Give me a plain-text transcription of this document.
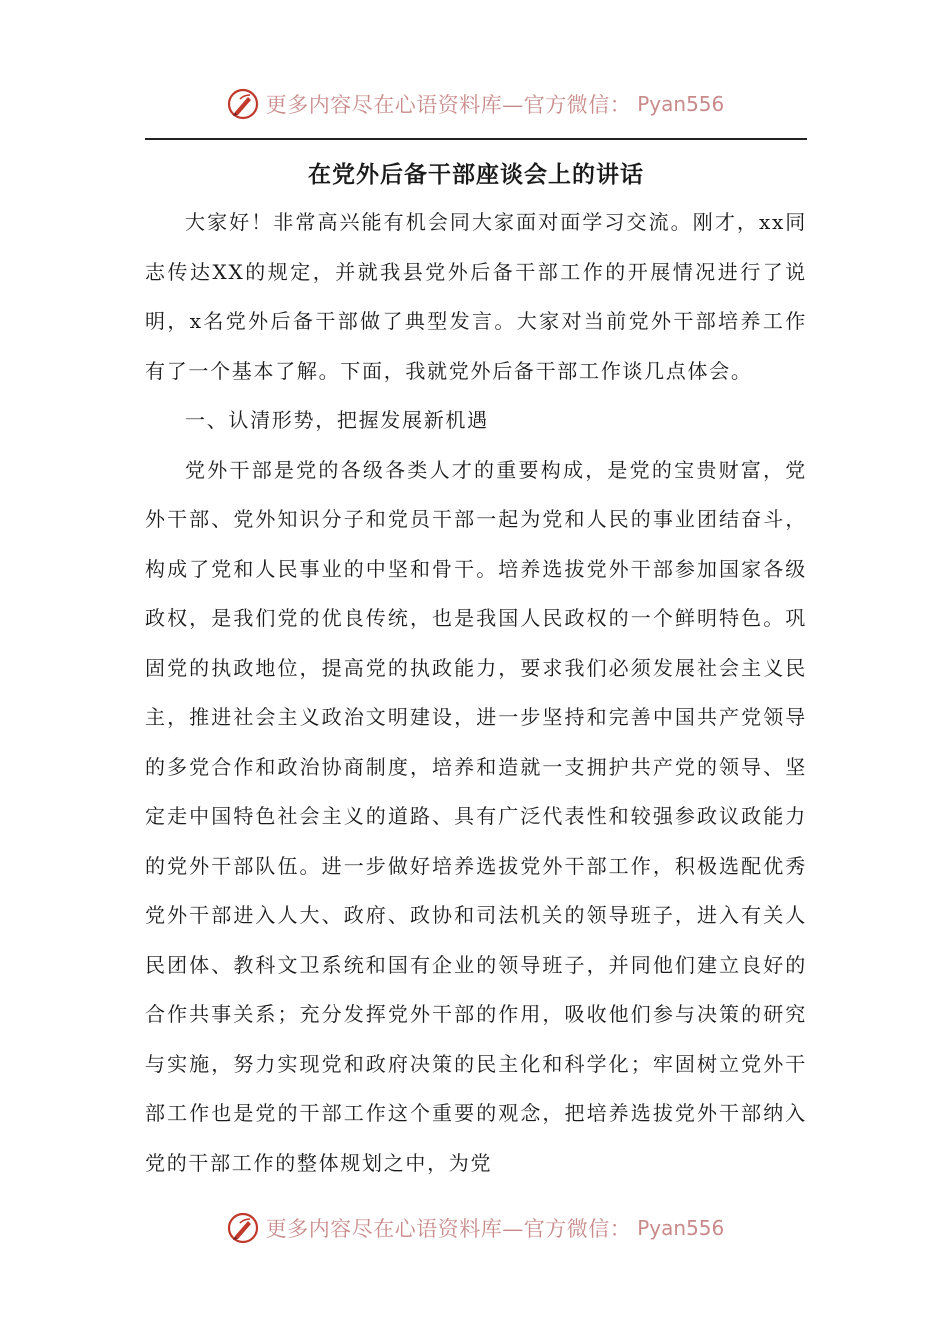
更多内容尽在心语资料库—官方微信： Pyan556
在党外后备干部座谈会上的讲话

大家好！非常高兴能有机会同大家面对面学习交流。刚才，xx同志传达XX的规定，并就我县党外后备干部工作的开展情况进行了说明，x名党外后备干部做了典型发言。大家对当前党外干部培养工作有了一个基本了解。下面，我就党外后备干部工作谈几点体会。

一、认清形势，把握发展新机遇

党外干部是党的各级各类人才的重要构成，是党的宝贵财富，党外干部、党外知识分子和党员干部一起为党和人民的事业团结奋斗，构成了党和人民事业的中坚和骨干。培养选拔党外干部参加国家各级政权，是我们党的优良传统，也是我国人民政权的一个鲜明特色。巩固党的执政地位，提高党的执政能力，要求我们必须发展社会主义民主，推进社会主义政治文明建设，进一步坚持和完善中国共产党领导 的多党合作和政治协商制度，培养和造就一支拥护共产党的领导、坚定走中国特色社会主义的道路、具有广泛代表性和较强参政议政能力的党外干部队伍。进一步做好培养选拔党外干部工作，积极选配优秀党外干部进入人大、政府、政协和司法机关的领导班子，进入有关人民团体、教科文卫系统和国有企业的领导班子，并同他们建立良好的合作共事关系；充分发挥党外干部的作用，吸收他们参与决策的研究与实施，努力实现党和政府决策的民主化和科学化；牢固树立党外干部工作也是党的干部工作这个重要的观念，把培养选拔党外干部纳入党的干部工作的整体规划之中，为党

更多内容尽在心语资料库—官方微信： Pyan556
